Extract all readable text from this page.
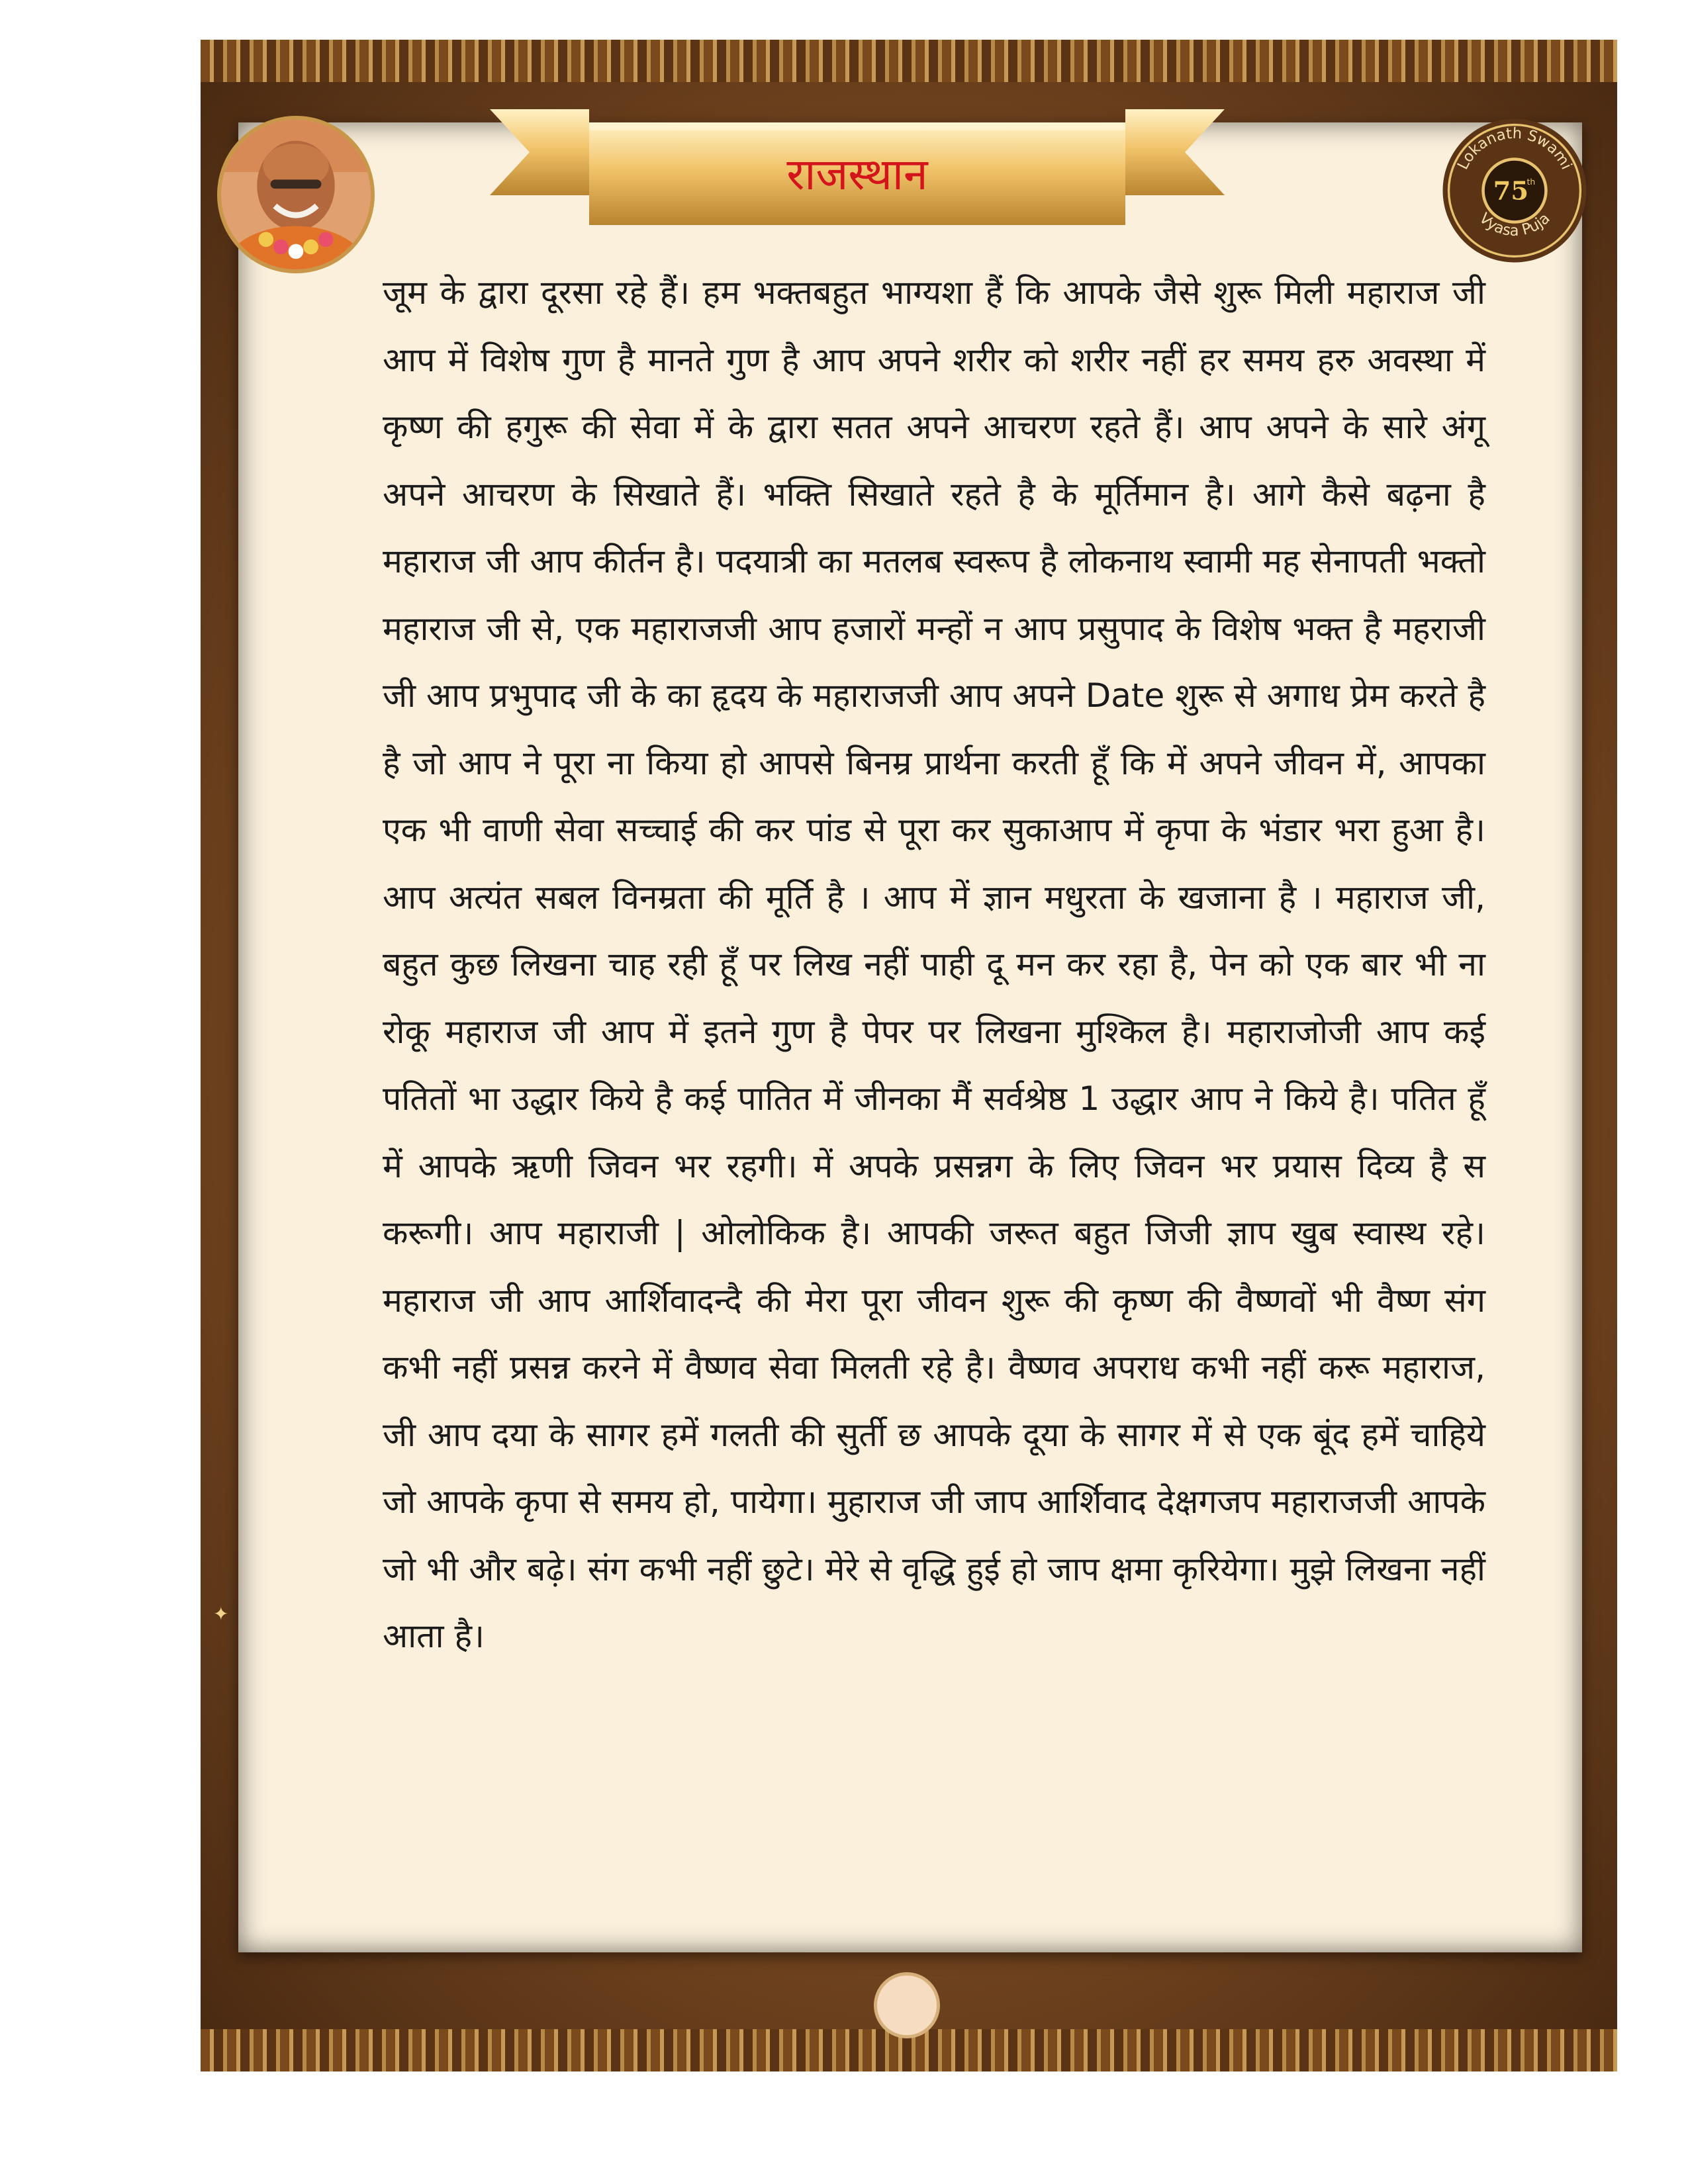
राजस्थान	Lokanath Swami
Vyasa Puja
75
th

जूम के द्वारा दूरसा रहे हैं। हम भक्तबहुत भाग्यशा हैं कि आपके जैसे शुरू मिली महाराज जी आप में विशेष गुण है मानते गुण है आप अपने शरीर को शरीर नहीं हर समय हरु अवस्था में कृष्ण की हगुरू की सेवा में के द्वारा सतत अपने आचरण रहते हैं। आप अपने के सारे अंगू अपने आचरण के सिखाते हैं। भक्ति सिखाते रहते है के मूर्तिमान है। आगे कैसे बढ़ना है महाराज जी आप कीर्तन है। पदयात्री का मतलब स्वरूप है लोकनाथ स्वामी मह सेनापती भक्तो महाराज जी से, एक महाराजजी आप हजारों मन्हों न आप प्रसुपाद के विशेष भक्त है महराजी जी आप प्रभुपाद जी के का हृदय के महाराजजी आप अपने Date शुरू से अगाध प्रेम करते है है जो आप ने पूरा ना किया हो आपसे बिनम्र प्रार्थना करती हूँ कि में अपने जीवन में, आपका एक भी वाणी सेवा सच्चाई की कर पांड से पूरा कर सुकाआप में कृपा के भंडार भरा हुआ है। आप अत्यंत सबल विनम्रता की मूर्ति है । आप में ज्ञान मधुरता के खजाना है । महाराज जी, बहुत कुछ लिखना चाह रही हूँ पर लिख नहीं पाही दू मन कर रहा है, पेन को एक बार भी ना रोकू महाराज जी आप में इतने गुण है पेपर पर लिखना मुश्किल है। महाराजोजी आप कई पतितों भा उद्धार किये है कई पातित में जीनका मैं सर्वश्रेष्ठ 1 उद्धार आप ने किये है। पतित हूँ में आपके ऋणी जिवन भर रहगी। में अपके प्रसन्नग के लिए जिवन भर प्रयास दिव्य है स करूगी। आप महाराजी | ओलोकिक है। आपकी जरूत बहुत जिजी ज्ञाप खुब स्वास्थ रहे। महाराज जी आप आर्शिवादन्दै की मेरा पूरा जीवन शुरू की कृष्ण की वैष्णवों भी वैष्ण संग कभी नहीं प्रसन्न करने में वैष्णव सेवा मिलती रहे है। वैष्णव अपराध कभी नहीं करू महाराज, जी आप दया के सागर हमें गलती की सुर्ती छ आपके दूया के सागर में से एक बूंद हमें चाहिये जो आपके कृपा से समय हो, पायेगा। मुहाराज जी जाप आर्शिवाद देक्षगजप महाराजजी आपके जो भी और बढ़े। संग कभी नहीं छुटे। मेरे से वृद्धि हुई हो जाप क्षमा कृरियेगा। मुझे लिखना नहीं आता है।

✦
